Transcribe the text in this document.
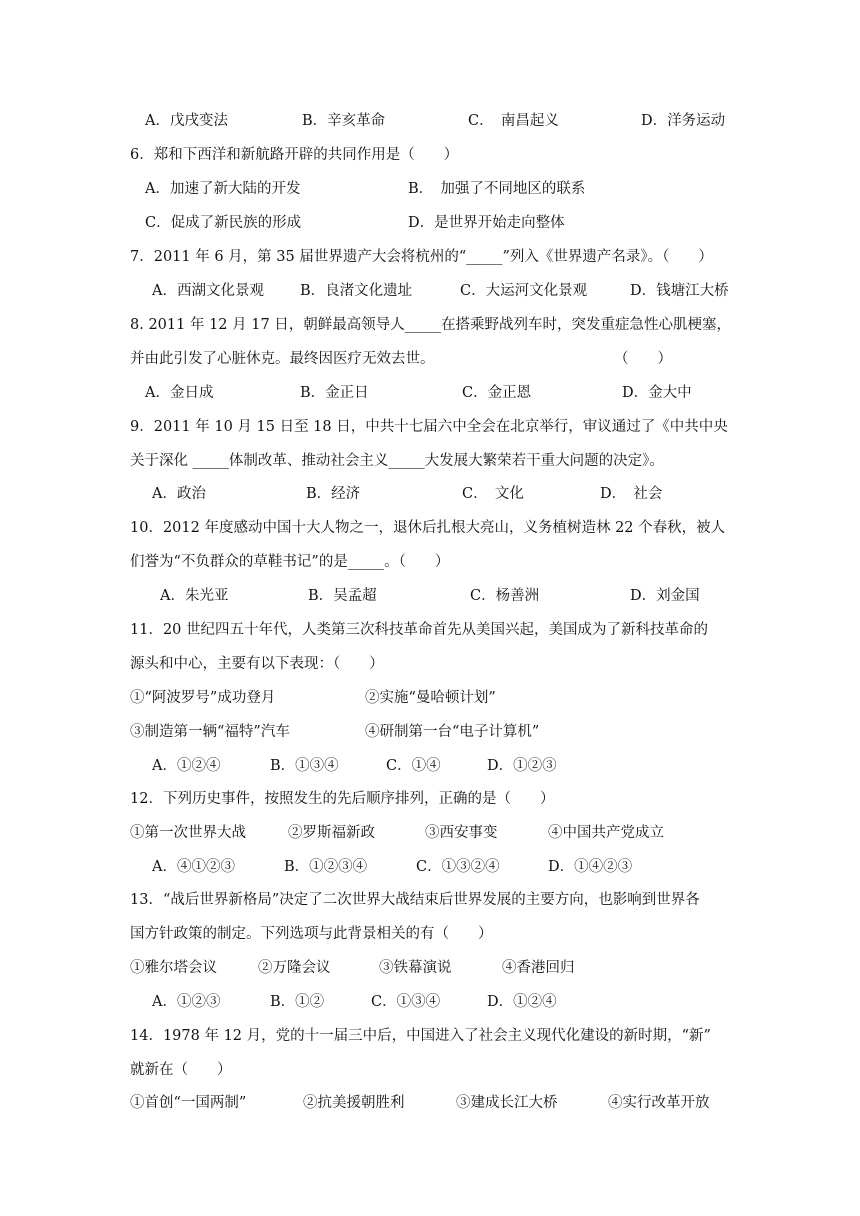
A．戊戌变法	B．辛亥革命	C．　南昌起义	D．洋务运动
6．郑和下西洋和新航路开辟的共同作用是（　　）
A．加速了新大陆的开发	B．　加强了不同地区的联系
C．促成了新民族的形成	D．是世界开始走向整体
7．2011 年 6 月，第 35 届世界遗产大会将杭州的“_____”列入《世界遗产名录》。（　　）
A．西湖文化景观 B．良渚文化遗址	C．大运河文化景观	D．钱塘江大桥
8. 2011 年 12 月 17 日，朝鲜最高领导人_____在搭乘野战列车时，突发重症急性心肌梗塞，
并由此引发了心脏休克。最终因医疗无效去世。	（　　）
A．金日成	B．金正日	C．金正恩	D．金大中
9．2011 年 10 月 15 日至 18 日，中共十七届六中全会在北京举行，审议通过了《中共中央
关于深化 _____体制改革、推动社会主义_____大发展大繁荣若干重大问题的决定》。
A．政治	B．经济	C．　文化	D．　社会
10．2012 年度感动中国十大人物之一，退休后扎根大亮山，义务植树造林 22 个春秋，被人
们誉为“不负群众的草鞋书记”的是_____。（　　）
A．朱光亚	B．吴孟超	C．杨善洲	D．刘金国
11．20 世纪四五十年代，人类第三次科技革命首先从美国兴起，美国成为了新科技革命的
源头和中心，主要有以下表现：（　　）
①“阿波罗号”成功登月	②实施“曼哈顿计划”
③制造第一辆“福特”汽车	④研制第一台“电子计算机”
A．①②④	B．①③④	C．①④	D．①②③
12．下列历史事件，按照发生的先后顺序排列，正确的是（　　）
①第一次世界大战	②罗斯福新政	③西安事变	④中国共产党成立
A．④①②③	B．①②③④	C．①③②④	D．①④②③
13．“战后世界新格局”决定了二次世界大战结束后世界发展的主要方向，也影响到世界各
国方针政策的制定。下列选项与此背景相关的有（　　）
①雅尔塔会议	②万隆会议	③铁幕演说	④香港回归
A．①②③	B．①②	C．①③④	D．①②④
14．1978 年 12 月，党的十一届三中后，中国进入了社会主义现代化建设的新时期，“新”
就新在（　　）
①首创“一国两制”	②抗美援朝胜利	③建成长江大桥	④实行改革开放
